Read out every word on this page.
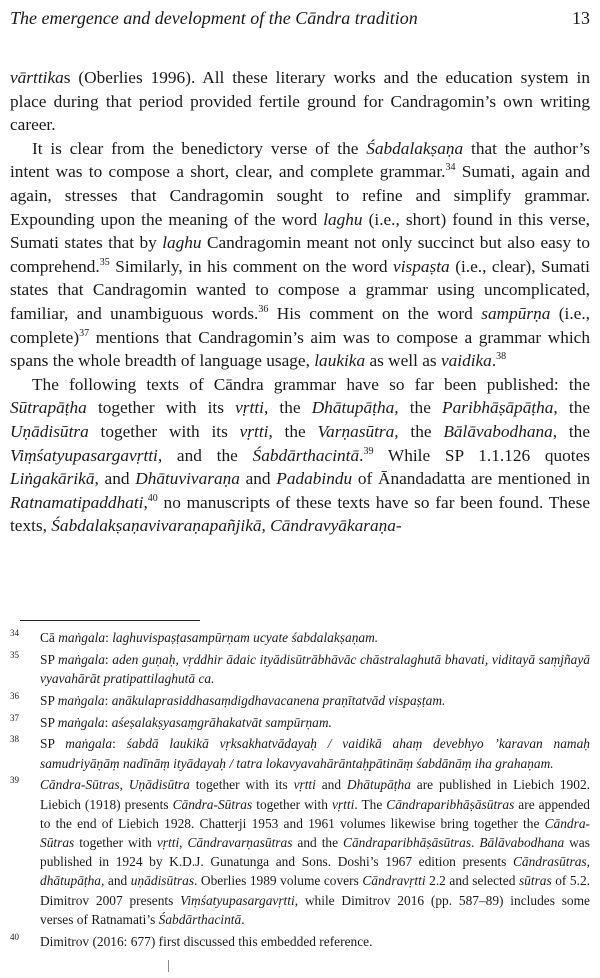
The emergence and development of the Cāndra tradition	13

vārttikas (Oberlies 1996). All these literary works and the education system in place during that period provided fertile ground for Candragomin’s own writing career.

It is clear from the benedictory verse of the Śabdalakṣaṇa that the author’s intent was to compose a short, clear, and complete grammar.$^{34}$ Sumati, again and again, stresses that Candragomin sought to refine and simplify grammar. Expounding upon the meaning of the word laghu (i.e., short) found in this verse, Sumati states that by laghu Candragomin meant not only succinct but also easy to comprehend.$^{35}$ Similarly, in his comment on the word vispaṣta (i.e., clear), Sumati states that Candragomin wanted to compose a grammar using uncomplicated, familiar, and unambiguous words.$^{36}$ His comment on the word sampūrṇa (i.e., complete)$^{37}$ mentions that Candragomin’s aim was to compose a grammar which spans the whole breadth of language usage, laukika as well as vaidika.$^{38}$

The following texts of Cāndra grammar have so far been published: the Sūtrapāṭha together with its vṛtti, the Dhātupāṭha, the Paribhāṣāpāṭha, the Uṇādisūtra together with its vṛtti, the Varṇasūtra, the Bālāvabodhana, the Viṃśatyupasargavṛtti, and the Śabdārthacintā.$^{39}$ While SP 1.1.126 quotes Liṅgakārikā, and Dhātuvivaraṇa and Padabindu of Ānandadatta are mentioned in Ratnamatipaddhati,$^{40}$ no manuscripts of these texts have so far been found. These texts, Śabdalakṣaṇavivaraṇapañjikā, Cāndravyākaraṇa-

34 Cā maṅgala: laghuvispaṣṭasampūrṇam ucyate śabdalakṣaṇam.
35 SP maṅgala: aden guṇaḥ, vṛddhir ādaic ityādisūtrābhāvāc chāstralaghutā bhavati, viditayā saṃjñayā vyavahārāt pratipattilaghutā ca.
36 SP maṅgala: anākulaprasiddhasaṃdigdhavacanena praṇītatvād vispaṣṭam.
37 SP maṅgala: aśeṣalakṣyasaṃgrāhakatvāt sampūrṇam.
38 SP maṅgala: śabdā laukikā vṛksakhatvādayaḥ / vaidikā ahaṃ devebhyo ’karavan namaḥ samudriyāṇāṃ nadīnāṃ ityādayaḥ / tatra lokavyavahārāntaḥpātināṃ śabdānāṃ iha grahaṇam.
39 Cāndra-Sūtras, Uṇādisūtra together with its vṛtti and Dhātupāṭha are published in Liebich 1902. Liebich (1918) presents Cāndra-Sūtras together with vṛtti. The Cāndraparibhāṣāsūtras are appended to the end of Liebich 1928. Chatterji 1953 and 1961 volumes likewise bring together the Cāndra-Sūtras together with vṛtti, Cāndravarṇasūtras and the Cāndraparibhāṣāsūtras. Bālāvabodhana was published in 1924 by K.D.J. Gunatunga and Sons. Doshi’s 1967 edition presents Cāndrasūtras, dhātupāṭha, and uṇādisūtras. Oberlies 1989 volume covers Cāndravṛtti 2.2 and selected sūtras of 5.2. Dimitrov 2007 presents Viṃśatyupasargavṛtti, while Dimitrov 2016 (pp. 587–89) includes some verses of Ratnamati’s Śabdārthacintā.
40 Dimitrov (2016: 677) first discussed this embedded reference.
